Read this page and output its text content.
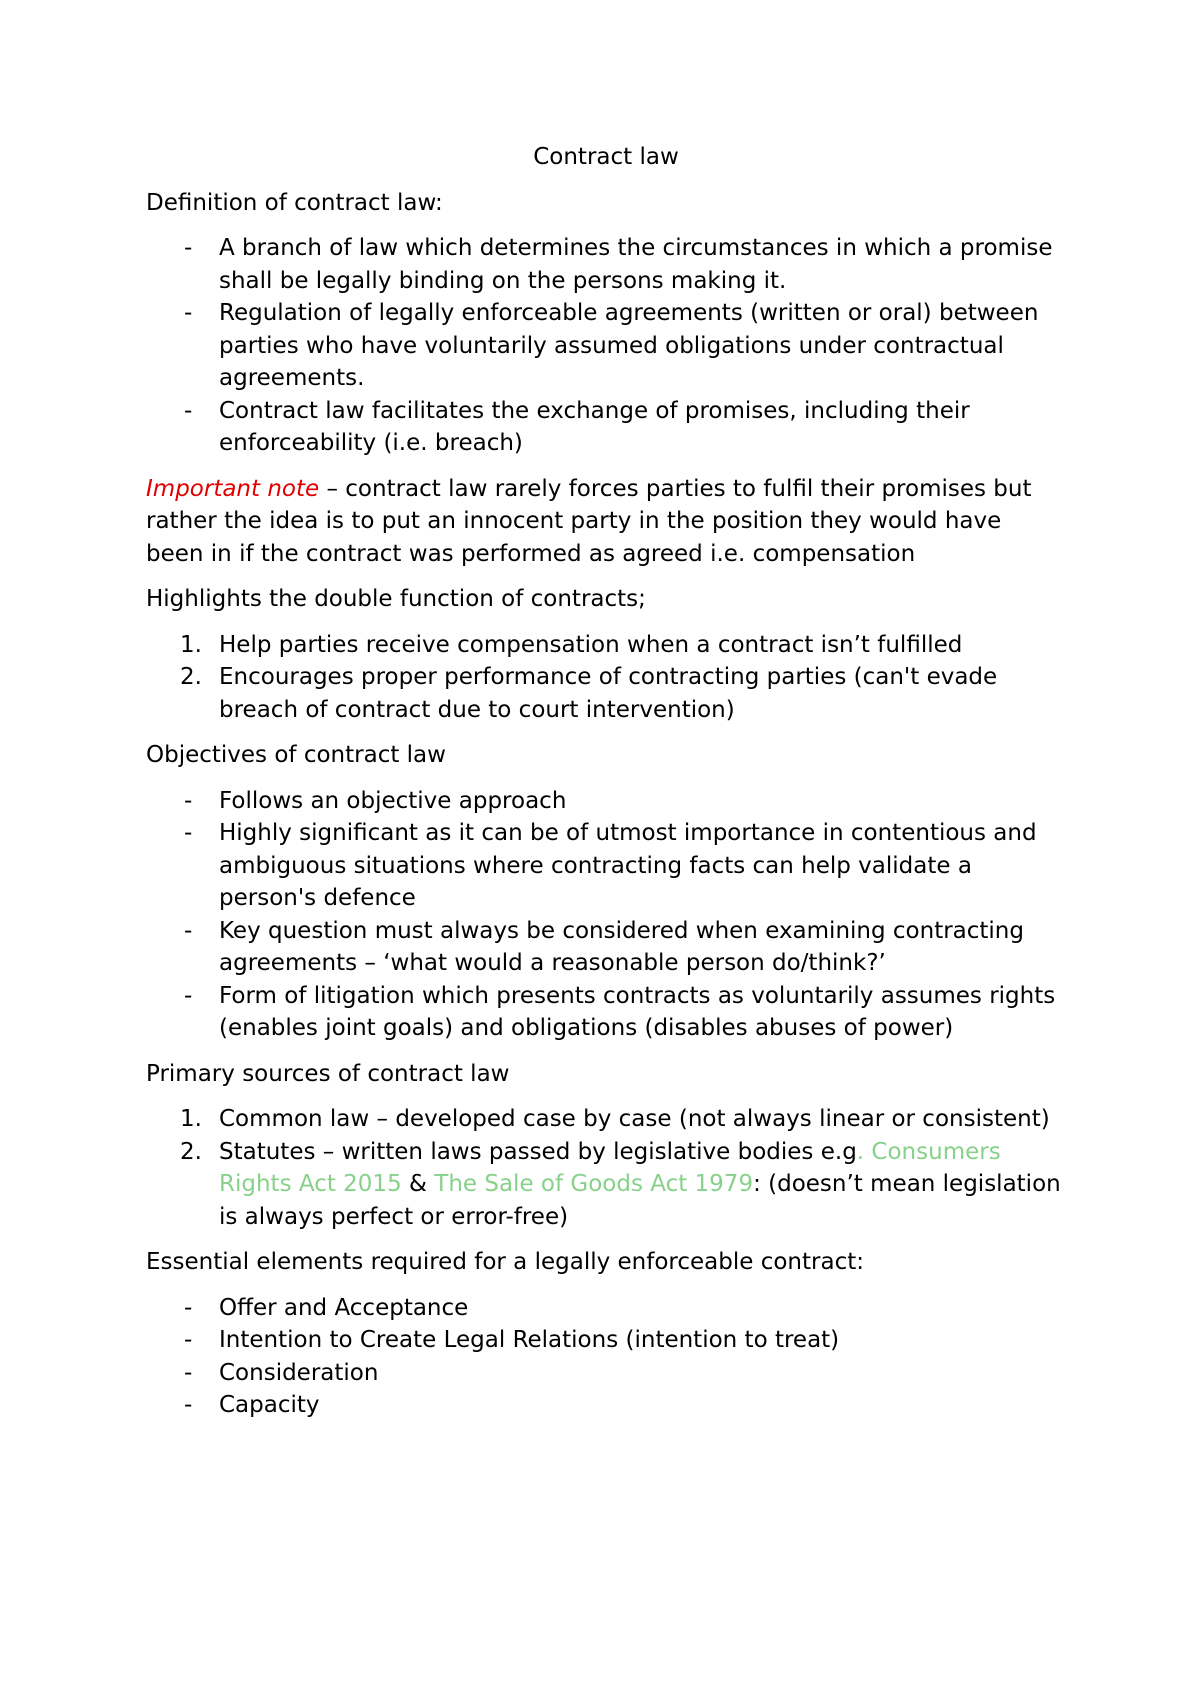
Contract law
Definition of contract law:
- A branch of law which determines the circumstances in which a promise shall be legally binding on the persons making it.
- Regulation of legally enforceable agreements (written or oral) between parties who have voluntarily assumed obligations under contractual agreements.
- Contract law facilitates the exchange of promises, including their enforceability (i.e. breach)
Important note – contract law rarely forces parties to fulfil their promises but rather the idea is to put an innocent party in the position they would have been in if the contract was performed as agreed i.e. compensation
Highlights the double function of contracts;
1. Help parties receive compensation when a contract isn’t fulfilled
2. Encourages proper performance of contracting parties (can't evade breach of contract due to court intervention)
Objectives of contract law
- Follows an objective approach
- Highly significant as it can be of utmost importance in contentious and ambiguous situations where contracting facts can help validate a person's defence
- Key question must always be considered when examining contracting agreements – ‘what would a reasonable person do/think?’
- Form of litigation which presents contracts as voluntarily assumes rights (enables joint goals) and obligations (disables abuses of power)
Primary sources of contract law
1. Common law – developed case by case (not always linear or consistent)
2. Statutes – written laws passed by legislative bodies e.g. Consumers Rights Act 2015 & The Sale of Goods Act 1979: (doesn’t mean legislation is always perfect or error-free)
Essential elements required for a legally enforceable contract:
- Offer and Acceptance
- Intention to Create Legal Relations (intention to treat)
- Consideration
- Capacity
